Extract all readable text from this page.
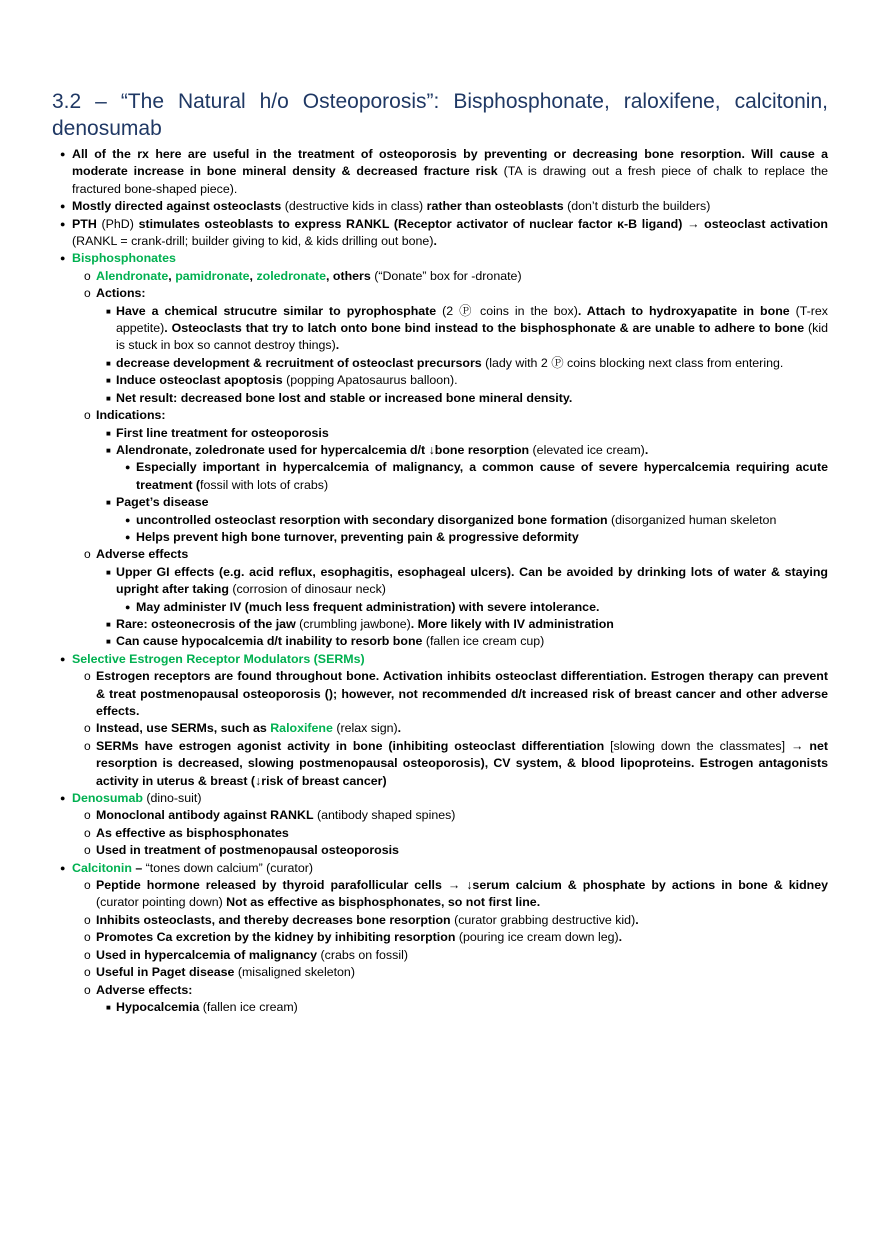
3.2 – “The Natural h/o Osteoporosis”: Bisphosphonate, raloxifene, calcitonin, denosumab
● All of the rx here are useful in the treatment of osteoporosis by preventing or decreasing bone resorption. Will cause a moderate increase in bone mineral density & decreased fracture risk (TA is drawing out a fresh piece of chalk to replace the fractured bone-shaped piece).
● Mostly directed against osteoclasts (destructive kids in class) rather than osteoblasts (don’t disturb the builders)
● PTH (PhD) stimulates osteoblasts to express RANKL (Receptor activator of nuclear factor κ-B ligand) → osteoclast activation (RANKL = crank-drill; builder giving to kid, & kids drilling out bone).
● Bisphosphonates
o Alendronate, pamidronate, zoledronate, others (“Donate” box for -dronate)
o Actions:
■ Have a chemical strucutre similar to pyrophosphate (2 Ⓟ coins in the box). Attach to hydroxyapatite in bone (T-rex appetite). Osteoclasts that try to latch onto bone bind instead to the bisphosphonate & are unable to adhere to bone (kid is stuck in box so cannot destroy things).
■ decrease development & recruitment of osteoclast precursors (lady with 2 Ⓟ coins blocking next class from entering.
■ Induce osteoclast apoptosis (popping Apatosaurus balloon).
■ Net result: decreased bone lost and stable or increased bone mineral density.
o Indications:
■ First line treatment for osteoporosis
■ Alendronate, zoledronate used for hypercalcemia d/t ↓bone resorption (elevated ice cream).
● Especially important in hypercalcemia of malignancy, a common cause of severe hypercalcemia requiring acute treatment (fossil with lots of crabs)
■ Paget’s disease
● uncontrolled osteoclast resorption with secondary disorganized bone formation (disorganized human skeleton
● Helps prevent high bone turnover, preventing pain & progressive deformity
o Adverse effects
■ Upper GI effects (e.g. acid reflux, esophagitis, esophageal ulcers). Can be avoided by drinking lots of water & staying upright after taking (corrosion of dinosaur neck)
● May administer IV (much less frequent administration) with severe intolerance.
■ Rare: osteonecrosis of the jaw (crumbling jawbone). More likely with IV administration
■ Can cause hypocalcemia d/t inability to resorb bone (fallen ice cream cup)
● Selective Estrogen Receptor Modulators (SERMs)
o Estrogen receptors are found throughout bone. Activation inhibits osteoclast differentiation. Estrogen therapy can prevent & treat postmenopausal osteoporosis (); however, not recommended d/t increased risk of breast cancer and other adverse effects.
o Instead, use SERMs, such as Raloxifene (relax sign).
o SERMs have estrogen agonist activity in bone (inhibiting osteoclast differentiation [slowing down the classmates] → net resorption is decreased, slowing postmenopausal osteoporosis), CV system, & blood lipoproteins. Estrogen antagonists activity in uterus & breast (↓risk of breast cancer)
● Denosumab (dino-suit)
o Monoclonal antibody against RANKL (antibody shaped spines)
o As effective as bisphosphonates
o Used in treatment of postmenopausal osteoporosis
● Calcitonin – “tones down calcium” (curator)
o Peptide hormone released by thyroid parafollicular cells → ↓serum calcium & phosphate by actions in bone & kidney (curator pointing down) Not as effective as bisphosphonates, so not first line.
o Inhibits osteoclasts, and thereby decreases bone resorption (curator grabbing destructive kid).
o Promotes Ca excretion by the kidney by inhibiting resorption (pouring ice cream down leg).
o Used in hypercalcemia of malignancy (crabs on fossil)
o Useful in Paget disease (misaligned skeleton)
o Adverse effects:
■ Hypocalcemia (fallen ice cream)
